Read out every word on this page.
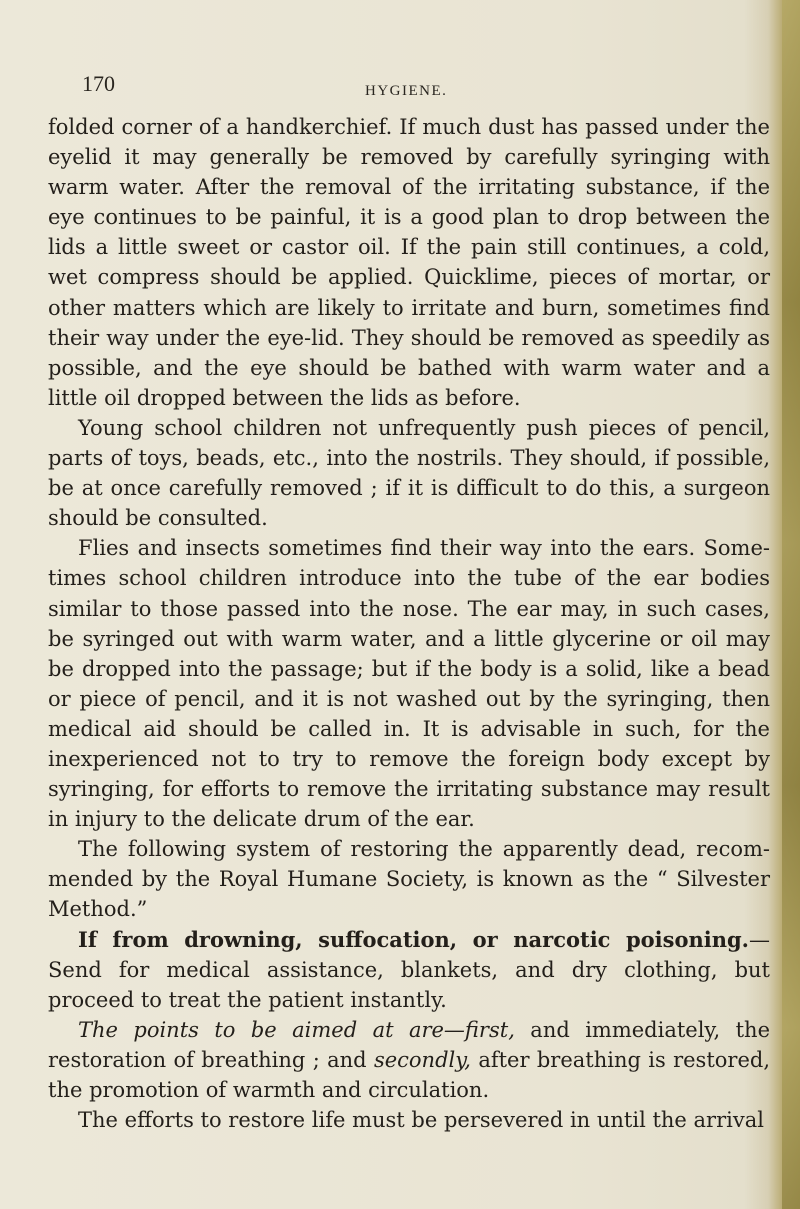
170	HYGIENE.

folded corner of a handkerchief. If much dust has passed under the eyelid it may generally be removed by carefully syringing with warm water. After the removal of the irritating substance, if the eye continues to be painful, it is a good plan to drop between the lids a little sweet or castor oil. If the pain still continues, a cold, wet compress should be applied. Quicklime, pieces of mortar, or other matters which are likely to irritate and burn, sometimes find their way under the eye-lid. They should be removed as speedily as possible, and the eye should be bathed with warm water and a little oil dropped between the lids as before.

Young school children not unfrequently push pieces of pencil, parts of toys, beads, etc., into the nostrils. They should, if possible, be at once carefully removed ; if it is difficult to do this, a surgeon should be consulted.

Flies and insects sometimes find their way into the ears. Some-times school children introduce into the tube of the ear bodies similar to those passed into the nose. The ear may, in such cases, be syringed out with warm water, and a little glycerine or oil may be dropped into the passage; but if the body is a solid, like a bead or piece of pencil, and it is not washed out by the syringing, then medical aid should be called in. It is advisable in such, for the inexperienced not to try to remove the foreign body except by syringing, for efforts to remove the irritating substance may result in injury to the delicate drum of the ear.

The following system of restoring the apparently dead, recom-mended by the Royal Humane Society, is known as the “ Silvester Method.”

If from drowning, suffocation, or narcotic poisoning.—Send for medical assistance, blankets, and dry clothing, but proceed to treat the patient instantly.

The points to be aimed at are—first, and immediately, the restoration of breathing ; and secondly, after breathing is restored, the promotion of warmth and circulation.

The efforts to restore life must be persevered in until the arrival
